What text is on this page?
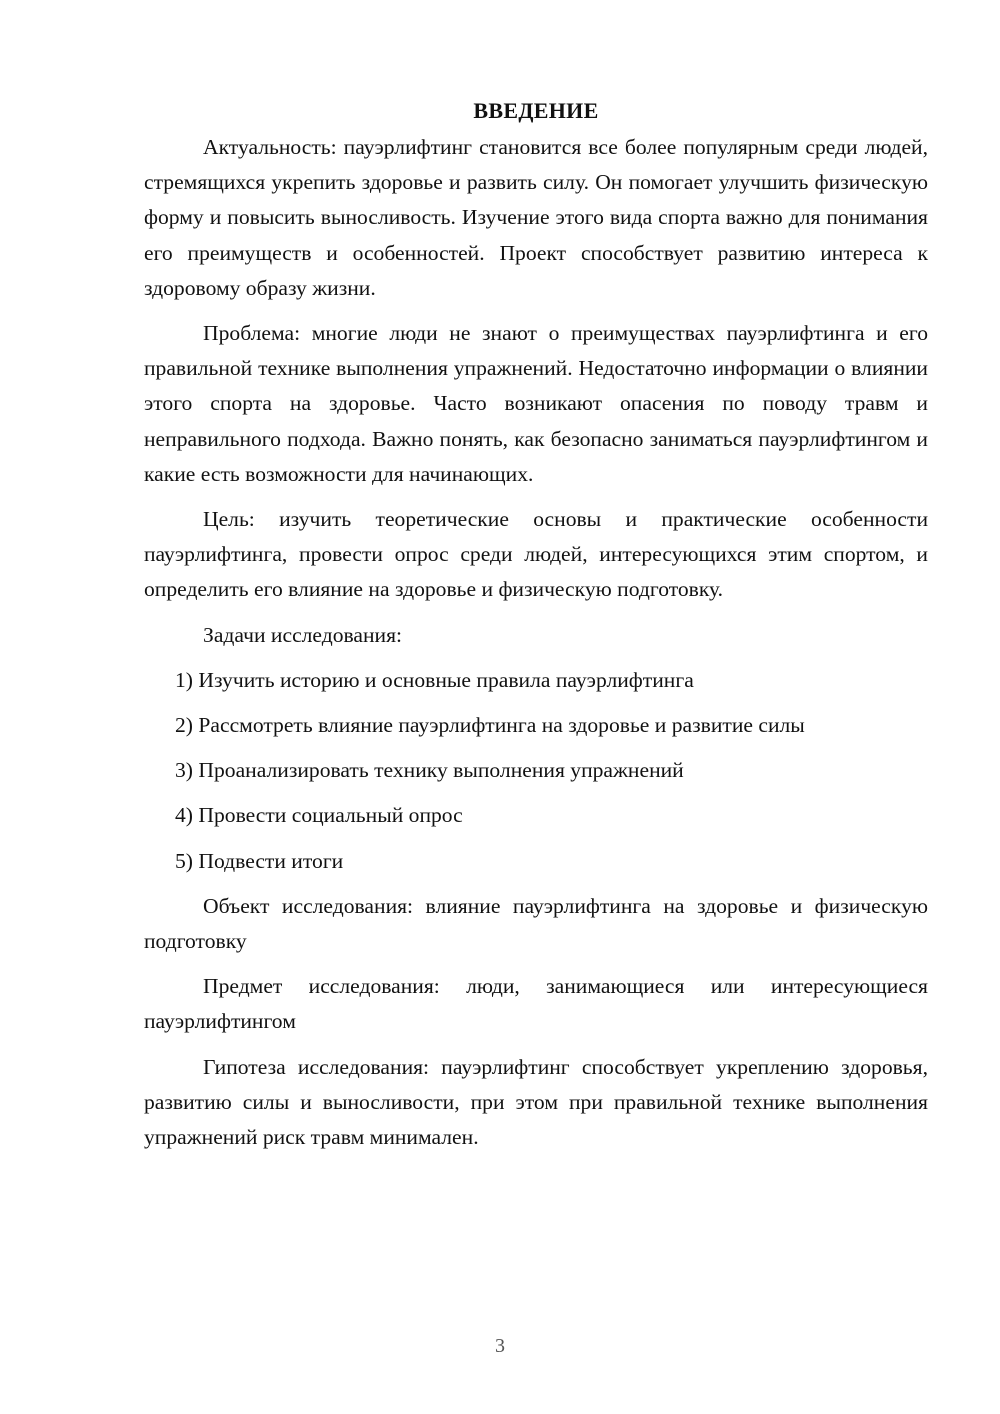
ВВЕДЕНИЕ

Актуальность: пауэрлифтинг становится все более популярным среди людей, стремящихся укрепить здоровье и развить силу. Он помогает улучшить физическую форму и повысить выносливость. Изучение этого вида спорта важно для понимания его преимуществ и особенностей. Проект способствует развитию интереса к здоровому образу жизни.

Проблема: многие люди не знают о преимуществах пауэрлифтинга и его правильной технике выполнения упражнений. Недостаточно информации о влиянии этого спорта на здоровье. Часто возникают опасения по поводу травм и неправильного подхода. Важно понять, как безопасно заниматься пауэрлифтингом и какие есть возможности для начинающих.

Цель: изучить теоретические основы и практические особенности пауэрлифтинга, провести опрос среди людей, интересующихся этим спортом, и определить его влияние на здоровье и физическую подготовку.

Задачи исследования:

1) Изучить историю и основные правила пауэрлифтинга

2) Рассмотреть влияние пауэрлифтинга на здоровье и развитие силы

3) Проанализировать технику выполнения упражнений

4) Провести социальный опрос

5) Подвести итоги

Объект исследования: влияние пауэрлифтинга на здоровье и физическую подготовку

Предмет исследования: люди, занимающиеся или интересующиеся пауэрлифтингом

Гипотеза исследования: пауэрлифтинг способствует укреплению здоровья, развитию силы и выносливости, при этом при правильной технике выполнения упражнений риск травм минимален.

3
